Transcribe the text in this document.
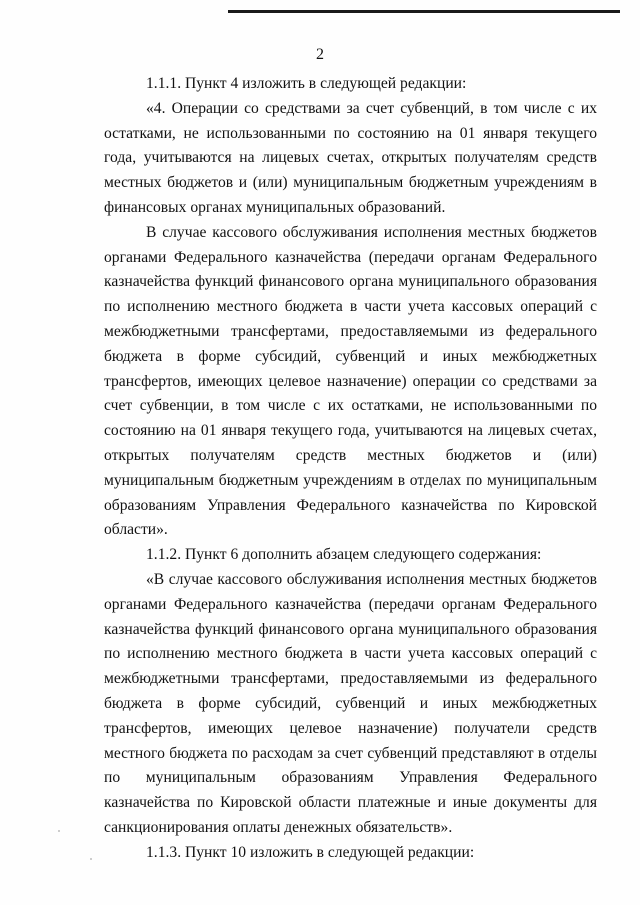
2

1.1.1. Пункт 4 изложить в следующей редакции:

«4. Операции со средствами за счет субвенций, в том числе с их остатками, не использованными по состоянию на 01 января текущего года, учитываются на лицевых счетах, открытых получателям средств местных бюджетов и (или) муниципальным бюджетным учреждениям в финансовых органах муниципальных образований.

В случае кассового обслуживания исполнения местных бюджетов органами Федерального казначейства (передачи органам Федерального казначейства функций финансового органа муниципального образования по исполнению местного бюджета в части учета кассовых операций с межбюджетными трансфертами, предоставляемыми из федерального бюджета в форме субсидий, субвенций и иных межбюджетных трансфертов, имеющих целевое назначение) операции со средствами за счет субвенции, в том числе с их остатками, не использованными по состоянию на 01 января текущего года, учитываются на лицевых счетах, открытых получателям средств местных бюджетов и (или) муниципальным бюджетным учреждениям в отделах по муниципальным образованиям Управления Федерального казначейства по Кировской области».

1.1.2. Пункт 6 дополнить абзацем следующего содержания:

«В случае кассового обслуживания исполнения местных бюджетов органами Федерального казначейства (передачи органам Федерального казначейства функций финансового органа муниципального образования по исполнению местного бюджета в части учета кассовых операций с межбюджетными трансфертами, предоставляемыми из федерального бюджета в форме субсидий, субвенций и иных межбюджетных трансфертов, имеющих целевое назначение) получатели средств местного бюджета по расходам за счет субвенций представляют в отделы по муниципальным образованиям Управления Федерального казначейства по Кировской области платежные и иные документы для санкционирования оплаты денежных обязательств».

1.1.3. Пункт 10 изложить в следующей редакции:
